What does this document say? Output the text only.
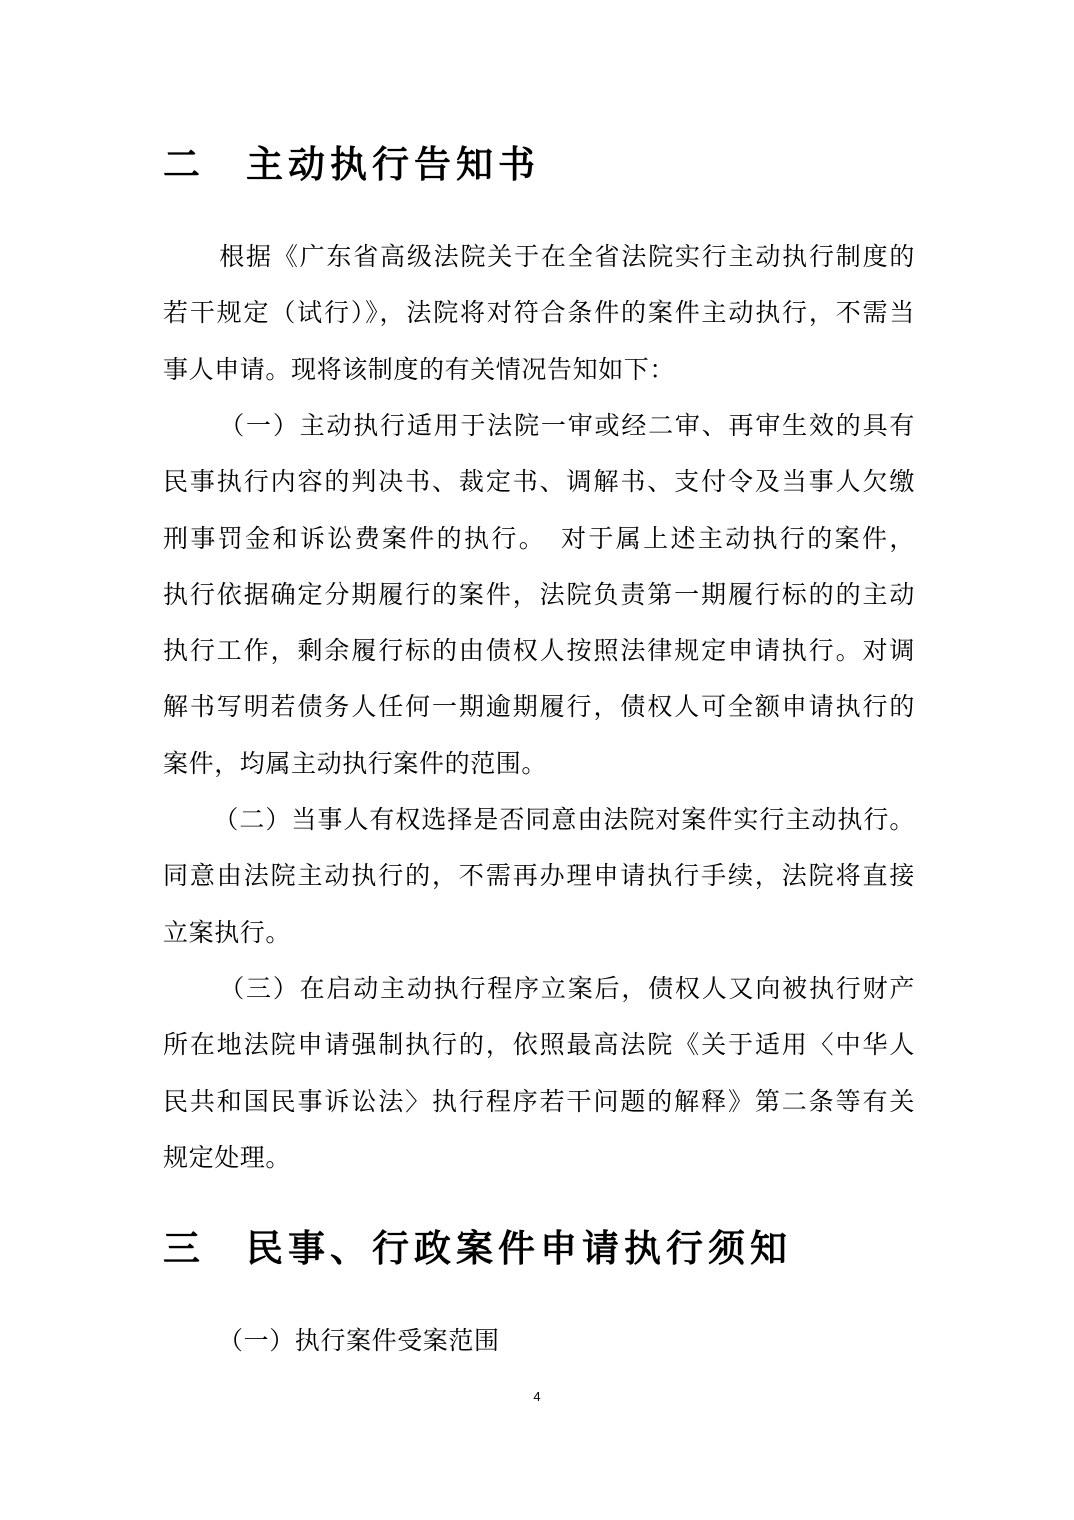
二 主动执行告知书

根据《广东省高级法院关于在全省法院实行主动执行制度的
若干规定（试行）》，法院将对符合条件的案件主动执行，不需当
事人申请。现将该制度的有关情况告知如下：

（一）主动执行适用于法院一审或经二审、再审生效的具有
民事执行内容的判决书、裁定书、调解书、支付令及当事人欠缴
刑事罚金和诉讼费案件的执行。　对于属上述主动执行的案件，
执行依据确定分期履行的案件，法院负责第一期履行标的的主动
执行工作，剩余履行标的由债权人按照法律规定申请执行。对调
解书写明若债务人任何一期逾期履行，债权人可全额申请执行的
案件，均属主动执行案件的范围。

（二）当事人有权选择是否同意由法院对案件实行主动执行。
同意由法院主动执行的，不需再办理申请执行手续，法院将直接
立案执行。

（三）在启动主动执行程序立案后，债权人又向被执行财产
所在地法院申请强制执行的，依照最高法院《关于适用〈中华人
民共和国民事诉讼法〉执行程序若干问题的解释》第二条等有关
规定处理。

三 民事、行政案件申请执行须知

（一）执行案件受案范围

4
